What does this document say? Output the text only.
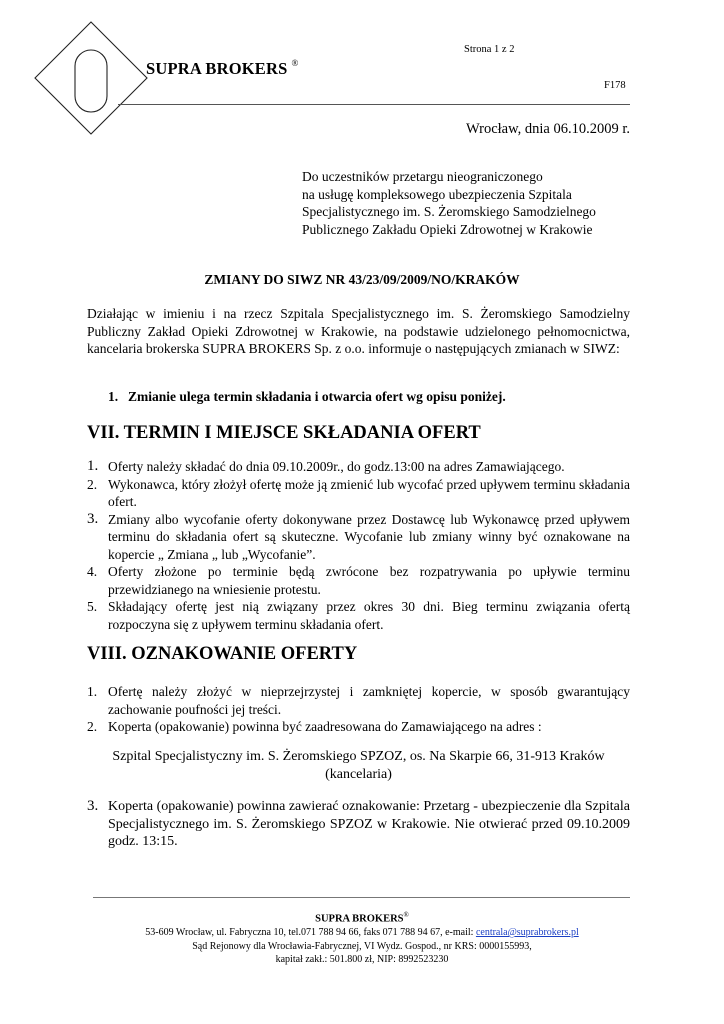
SUPRA BROKERS ®
Strona 1 z 2
F178
Wrocław, dnia 06.10.2009 r.
Do uczestników przetargu nieograniczonego
na usługę kompleksowego ubezpieczenia Szpitala
Specjalistycznego im. S. Żeromskiego Samodzielnego
Publicznego Zakładu Opieki Zdrowotnej w Krakowie
ZMIANY DO SIWZ NR 43/23/09/2009/NO/KRAKÓW
Działając w imieniu i na rzecz Szpitala Specjalistycznego im. S. Żeromskiego Samodzielny Publiczny Zakład Opieki Zdrowotnej w Krakowie, na podstawie udzielonego pełnomocnictwa, kancelaria brokerska SUPRA BROKERS Sp. z o.o. informuje o następujących zmianach w SIWZ:
1. Zmianie ulega termin składania i otwarcia ofert wg opisu poniżej.
VII. TERMIN I MIEJSCE SKŁADANIA OFERT
1. Oferty należy składać do dnia 09.10.2009r., do godz.13:00 na adres Zamawiającego.
2. Wykonawca, który złożył ofertę może ją zmienić lub wycofać przed upływem terminu składania ofert.
3. Zmiany albo wycofanie oferty dokonywane przez Dostawcę lub Wykonawcę przed upływem terminu do składania ofert są skuteczne. Wycofanie lub zmiany winny być oznakowane na kopercie „ Zmiana „ lub „Wycofanie”.
4. Oferty złożone po terminie będą zwrócone bez rozpatrywania po upływie terminu przewidzianego na wniesienie protestu.
5. Składający ofertę jest nią związany przez okres 30 dni. Bieg terminu związania ofertą rozpoczyna się z upływem terminu składania ofert.
VIII. OZNAKOWANIE OFERTY
1. Ofertę należy złożyć w nieprzejrzystej i zamkniętej kopercie, w sposób gwarantujący zachowanie poufności jej treści.
2. Koperta (opakowanie) powinna być zaadresowana do Zamawiającego na adres :
Szpital Specjalistyczny im. S. Żeromskiego SPZOZ, os. Na Skarpie 66, 31-913 Kraków
(kancelaria)
3. Koperta (opakowanie) powinna zawierać oznakowanie: Przetarg - ubezpieczenie dla Szpitala Specjalistycznego im. S. Żeromskiego SPZOZ w Krakowie. Nie otwierać przed 09.10.2009 godz. 13:15.
SUPRA BROKERS®
53-609 Wrocław, ul. Fabryczna 10, tel.071 788 94 66, faks 071 788 94 67, e-mail: centrala@suprabrokers.pl
Sąd Rejonowy dla Wrocławia-Fabrycznej, VI Wydz. Gospod., nr KRS: 0000155993,
kapitał zakł.: 501.800 zł, NIP: 8992523230
